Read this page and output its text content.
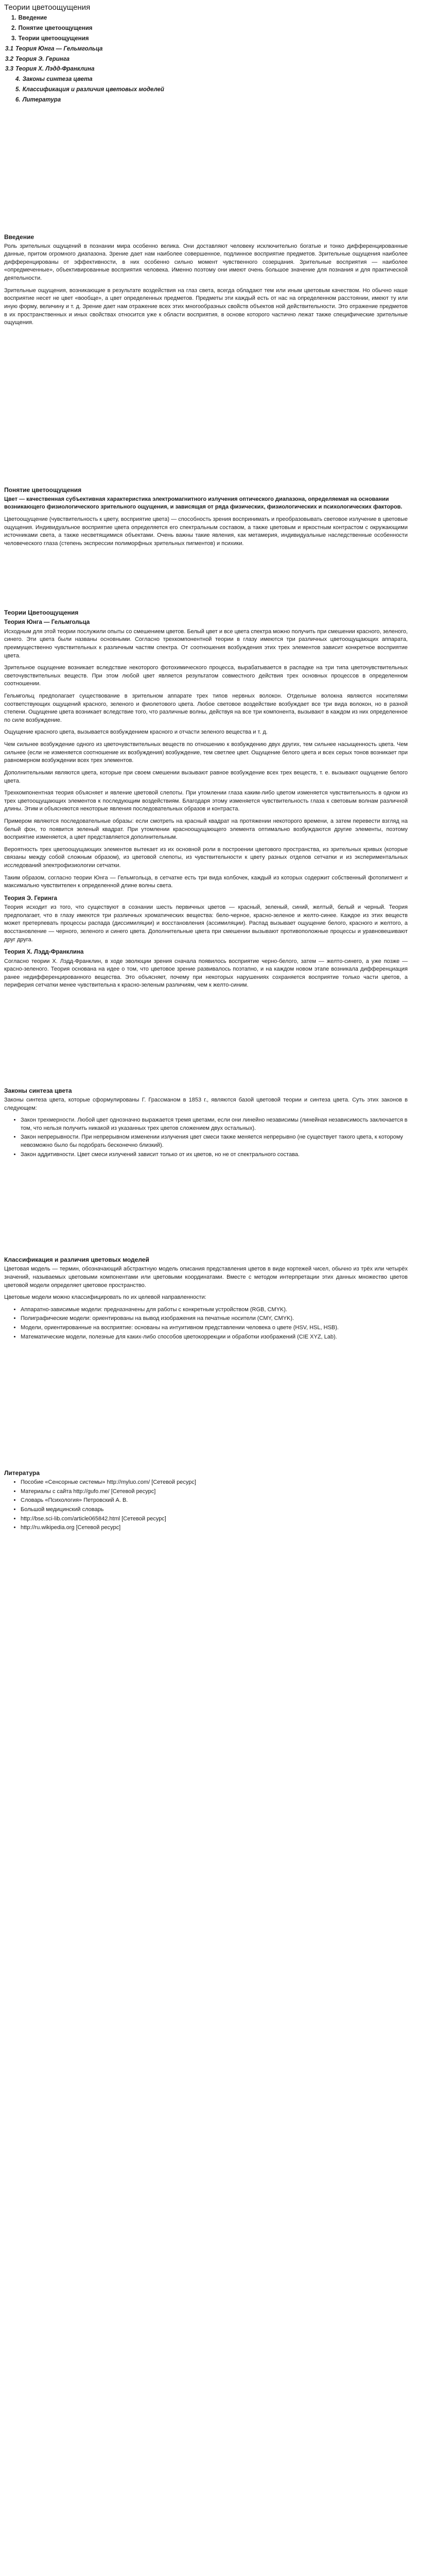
Теории цветоощущения
1. Введение
2. Понятие цветоощущения
3. Теории цветоощущения
3.1 Теория Юнга — Гельмгольца
3.2 Теория Э. Геринга
3.3 Теория Х. Лэдд-Франклина
4. Законы синтеза цвета
5. Классификация и различия цветовых моделей
6. Литература
Введение

Роль зрительных ощущений в познании мира особенно велика. Они доставляют человеку исключительно богатые и тонко дифференцированные данные, притом огромного диапазона. Зрение дает нам наиболее совершенное, подлинное восприятие предметов. Зрительные ощущения наиболее дифференцированы от эффективности, в них особенно сильно момент чувственного созерцания. Зрительные восприятия — наиболее «опредмеченные», объективированные восприятия человека. Именно поэтому они имеют очень большое значение для познания и для практической деятельности.

Зрительные ощущения, возникающие в результате воздействия на глаз света, всегда обладают тем или иным цветовым качеством. Но обычно наше восприятие несет не цвет «вообще», а цвет определенных предметов. Предметы эти каждый есть от нас на определенном расстоянии, имеют ту или иную форму, величину и т. д. Зрение дает нам отражение всех этих многообразных свойств объектов ной действительности. Это отражение предметов в их пространственных и иных свойствах относится уже к области восприятия, в основе которого частично лежат также специфические зрительные ощущения.

Понятие цветоощущения

Цвет — качественная субъективная характеристика электромагнитного излучения оптического диапазона, определяемая на основании возникающего физиологического зрительного ощущения, и зависящая от ряда физических, физиологических и психологических факторов.

Цветоощущение (чувствительность к цвету, восприятие цвета) — способность зрения воспринимать и преобразовывать световое излучение в цветовые ощущения. Индивидуальное восприятие цвета определяется его спектральным составом, а также цветовым и яркостным контрастом с окружающими источниками света, а также несветящимися объектами. Очень важны такие явления, как метамерия, индивидуальные наследственные особенности человеческого глаза (степень экспрессии полиморфных зрительных пигментов) и психики.

Теории Цветоощущения
Теория Юнга — Гельмгольца

Исходным для этой теории послужили опыты со смешением цветов. Белый цвет и все цвета спектра можно получить при смешении красного, зеленого, синего. Эти цвета были названы основными. Согласно трехкомпонентной теории в глазу имеются три различных цветоощущающих аппарата, преимущественно чувствительных к различным частям спектра. От соотношения возбуждения этих трех элементов зависит конкретное восприятие цвета.

Зрительное ощущение возникает вследствие некоторого фотохимического процесса, вырабатывается в распадке на три типа цветочувствительных светочувствительных веществ. При этом любой цвет является результатом совместного действия трех основных процессов в определенном соотношении.

Гельмгольц предполагает существование в зрительном аппарате трех типов нервных волокон. Отдельные волокна являются носителями соответствующих ощущений красного, зеленого и фиолетового цвета. Любое световое воздействие возбуждает все три вида волокон, но в разной степени. Ощущение цвета возникает вследствие того, что различные волны, действуя на все три компонента, вызывают в каждом из них определенное по силе возбуждение.

Ощущение красного цвета, вызывается возбуждением красного и отчасти зеленого вещества и т. д.

Чем сильнее возбуждение одного из цветочувствительных веществ по отношению к возбуждению двух других, тем сильнее насыщенность цвета. Чем сильнее (если не изменяется соотношение их возбуждения) возбуждение, тем светлее цвет. Ощущение белого цвета и всех серых тонов возникает при равномерном возбуждении всех трех элементов.

Дополнительными являются цвета, которые при своем смешении вызывают равное возбуждение всех трех веществ, т. е. вызывают ощущение белого цвета.

Трехкомпонентная теория объясняет и явление цветовой слепоты. При утомлении глаза каким-либо цветом изменяется чувствительность в одном из трех цветоощущающих элементов к последующим воздействиям. Благодаря этому изменяется чувствительность глаза к световым волнам различной длины. Этим и объясняются некоторые явления последовательных образов и контраста.

Примером являются последовательные образы: если смотреть на красный квадрат на протяжении некоторого времени, а затем перевести взгляд на белый фон, то появится зеленый квадрат. При утомлении красноощущающего элемента оптимально возбуждаются другие элементы, поэтому восприятие изменяется, а цвет представляется дополнительным.

Вероятность трех цветоощущающих элементов вытекает из их основной роли в построении цветового пространства, из зрительных кривых (которые связаны между собой сложным образом), из цветовой слепоты, из чувствительности к цвету разных отделов сетчатки и из экспериментальных исследований электрофизиологии сетчатки.

Таким образом, согласно теории Юнга — Гельмгольца, в сетчатке есть три вида колбочек, каждый из которых содержит собственный фотопигмент и максимально чувствителен к определенной длине волны света.

Теория Э. Геринга

Теория исходит из того, что существуют в сознании шесть первичных цветов — красный, зеленый, синий, желтый, белый и черный. Теория предполагает, что в глазу имеются три различных хроматических вещества: бело-черное, красно-зеленое и желто-синее. Каждое из этих веществ может претерпевать процессы распада (диссимиляции) и восстановления (ассимиляции). Распад вызывает ощущение белого, красного и желтого, а восстановление — черного, зеленого и синего цвета. Дополнительные цвета при смешении вызывают противоположные процессы и уравновешивают друг друга.

Теория Х. Лэдд-Франклина

Согласно теории Х. Лэдд-Франклин, в ходе эволюции зрения сначала появилось восприятие черно-белого, затем — желто-синего, а уже позже — красно-зеленого. Теория основана на идее о том, что цветовое зрение развивалось поэтапно, и на каждом новом этапе возникала дифференциация ранее недифференцированного вещества. Это объясняет, почему при некоторых нарушениях сохраняется восприятие только части цветов, а периферия сетчатки менее чувствительна к красно-зеленым различиям, чем к желто-синим.

Законы синтеза цвета

Законы синтеза цвета, которые сформулированы Г. Грассманом в 1853 г., являются базой цветовой теории и синтеза цвета. Суть этих законов в следующем:

• Закон трехмерности. Любой цвет однозначно выражается тремя цветами, если они линейно независимы (линейная независимость заключается в том, что нельзя получить никакой из указанных трех цветов сложением двух остальных).
• Закон непрерывности. При непрерывном изменении излучения цвет смеси также меняется непрерывно (не существует такого цвета, к которому невозможно было бы подобрать бесконечно близкий).
• Закон аддитивности. Цвет смеси излучений зависит только от их цветов, но не от спектрального состава.
Классификация и различия цветовых моделей

Цветовая модель — термин, обозначающий абстрактную модель описания представления цветов в виде кортежей чисел, обычно из трёх или четырёх значений, называемых цветовыми компонентами или цветовыми координатами. Вместе с методом интерпретации этих данных множество цветов цветовой модели определяет цветовое пространство.

Цветовые модели можно классифицировать по их целевой направленности:

• Аппаратно-зависимые модели: предназначены для работы с конкретным устройством (RGB, CMYK).
• Полиграфические модели: ориентированы на вывод изображения на печатные носители (CMY, CMYK).
• Модели, ориентированные на восприятие: основаны на интуитивном представлении человека о цвете (HSV, HSL, HSB).
• Математические модели, полезные для каких-либо способов цветокоррекции и обработки изображений (CIE XYZ, Lab).
Литература
• Пособие «Сенсорные системы» http://myluo.com/ [Сетевой ресурс]
• Материалы с сайта http://gufo.me/ [Сетевой ресурс]
• Словарь «Психология» Петровский А. В.
• Большой медицинский словарь
• http://bse.sci-lib.com/article065842.html [Сетевой ресурс]
• http://ru.wikipedia.org [Сетевой ресурс]
